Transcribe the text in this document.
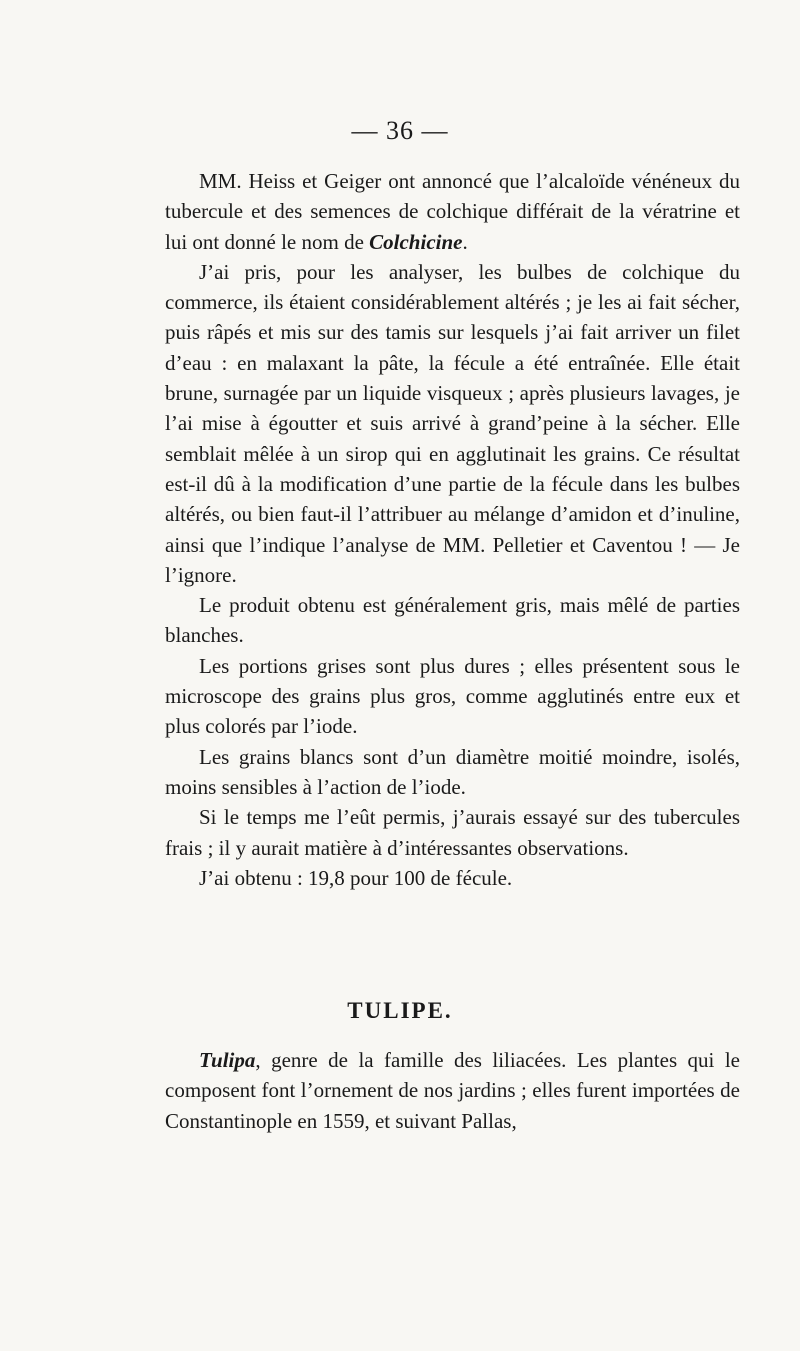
— 36 —

MM. Heiss et Geiger ont annoncé que l’alcaloïde vénéneux du tubercule et des semences de colchique différait de la vératrine et lui ont donné le nom de Colchicine.

J’ai pris, pour les analyser, les bulbes de colchique du commerce, ils étaient considérablement altérés ; je les ai fait sécher, puis râpés et mis sur des tamis sur lesquels j’ai fait arriver un filet d’eau : en malaxant la pâte, la fécule a été entraînée. Elle était brune, surnagée par un liquide visqueux ; après plusieurs lavages, je l’ai mise à égoutter et suis arrivé à grand’peine à la sécher. Elle semblait mêlée à un sirop qui en agglutinait les grains. Ce résultat est-il dû à la modification d’une partie de la fécule dans les bulbes altérés, ou bien faut-il l’attribuer au mélange d’amidon et d’inuline, ainsi que l’indique l’analyse de MM. Pelletier et Caventou ! — Je l’ignore.

Le produit obtenu est généralement gris, mais mêlé de parties blanches.

Les portions grises sont plus dures ; elles présentent sous le microscope des grains plus gros, comme agglutinés entre eux et plus colorés par l’iode.

Les grains blancs sont d’un diamètre moitié moindre, isolés, moins sensibles à l’action de l’iode.

Si le temps me l’eût permis, j’aurais essayé sur des tubercules frais ; il y aurait matière à d’intéressantes observations.

J’ai obtenu : 19,8 pour 100 de fécule.

TULIPE.

Tulipa, genre de la famille des liliacées. Les plantes qui le composent font l’ornement de nos jardins ; elles furent importées de Constantinople en 1559, et suivant Pallas,
